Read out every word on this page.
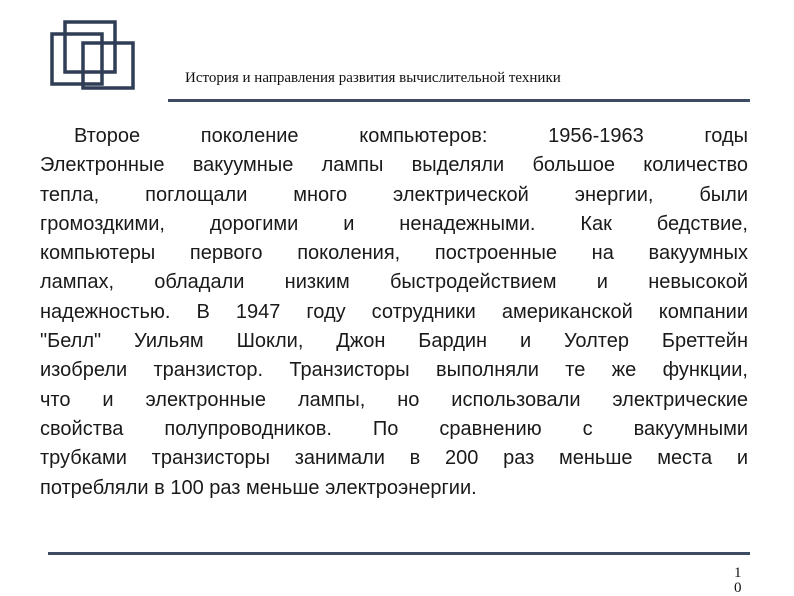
История и направления развития вычислительной техники
Второе поколение компьютеров: 1956-1963 годы
Электронные вакуумные лампы выделяли большое количество
тепла, поглощали много электрической энергии, были
громоздкими, дорогими и ненадежными. Как бедствие,
компьютеры первого поколения, построенные на вакуумных
лампах, обладали низким быстродействием и невысокой
надежностью. В 1947 году сотрудники американской компании
"Белл" Уильям Шокли, Джон Бардин и Уолтер Бреттейн
изобрели транзистор. Транзисторы выполняли те же функции,
что и электронные лампы, но использовали электрические
свойства полупроводников. По сравнению с вакуумными
трубками транзисторы занимали в 200 раз меньше места и
потребляли в 100 раз меньше электроэнергии.
10
